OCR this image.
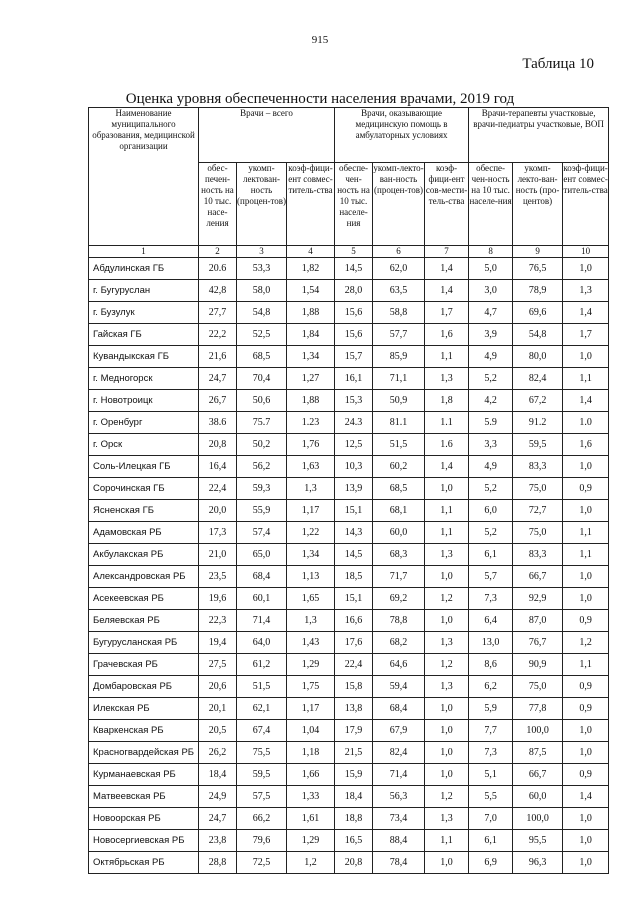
915
Таблица 10
Оценка уровня обеспеченности населения врачами, 2019 год
Наименование муниципального образования, медицинской организации	Врачи – всего			Врачи, оказывающие медицинскую помощь в амбулаторных условиях			Врачи-терапевты участковые, врачи-педиатры участковые, ВОП		
	обес-печен-ность на 10 тыс. насе-ления	укомп-лектован-ность (процен-тов)	коэф-фици-ент совмес-титель-ства	обеспе-чен-ность на 10 тыс. населе-ния	укомп-лекто-ван-ность (процен-тов)	коэф-фици-ент сов-мести-тель-ства	обеспе-чен-ность на 10 тыс. населе-ния	укомп-лекто-ван-ность (про-центов)	коэф-фици-ент совмес-титель-ства
1	2	3	4	5	6	7	8	9	10
Абдулинская ГБ	20.6	53,3	1,82	14,5	62,0	1,4	5,0	76,5	1,0
г. Бугуруслан	42,8	58,0	1,54	28,0	63,5	1,4	3,0	78,9	1,3
г. Бузулук	27,7	54,8	1,88	15,6	58,8	1,7	4,7	69,6	1,4
Гайская ГБ	22,2	52,5	1,84	15,6	57,7	1,6	3,9	54,8	1,7
Кувандыкская ГБ	21,6	68,5	1,34	15,7	85,9	1,1	4,9	80,0	1,0
г. Медногорск	24,7	70,4	1,27	16,1	71,1	1,3	5,2	82,4	1,1
г. Новотроицк	26,7	50,6	1,88	15,3	50,9	1,8	4,2	67,2	1,4
г. Оренбург	38.6	75.7	1.23	24.3	81.1	1.1	5.9	91.2	1.0
г. Орск	20,8	50,2	1,76	12,5	51,5	1.6	3,3	59,5	1,6
Соль-Илецкая ГБ	16,4	56,2	1,63	10,3	60,2	1,4	4,9	83,3	1,0
Сорочинская ГБ	22,4	59,3	1,3	13,9	68,5	1,0	5,2	75,0	0,9
Ясненская ГБ	20,0	55,9	1,17	15,1	68,1	1,1	6,0	72,7	1,0
Адамовская РБ	17,3	57,4	1,22	14,3	60,0	1,1	5,2	75,0	1,1
Акбулакская РБ	21,0	65,0	1,34	14,5	68,3	1,3	6,1	83,3	1,1
Александровская РБ	23,5	68,4	1,13	18,5	71,7	1,0	5,7	66,7	1,0
Асекеевская РБ	19,6	60,1	1,65	15,1	69,2	1,2	7,3	92,9	1,0
Беляевская РБ	22,3	71,4	1,3	16,6	78,8	1,0	6,4	87,0	0,9
Бугурусланская РБ	19,4	64,0	1,43	17,6	68,2	1,3	13,0	76,7	1,2
Грачевская РБ	27,5	61,2	1,29	22,4	64,6	1,2	8,6	90,9	1,1
Домбаровская РБ	20,6	51,5	1,75	15,8	59,4	1,3	6,2	75,0	0,9
Илекская РБ	20,1	62,1	1,17	13,8	68,4	1,0	5,9	77,8	0,9
Кваркенская РБ	20,5	67,4	1,04	17,9	67,9	1,0	7,7	100,0	1,0
Красногвардейская РБ	26,2	75,5	1,18	21,5	82,4	1,0	7,3	87,5	1,0
Курманаевская РБ	18,4	59,5	1,66	15,9	71,4	1,0	5,1	66,7	0,9
Матвеевская РБ	24,9	57,5	1,33	18,4	56,3	1,2	5,5	60,0	1,4
Новоорская РБ	24,7	66,2	1,61	18,8	73,4	1,3	7,0	100,0	1,0
Новосергиевская РБ	23,8	79,6	1,29	16,5	88,4	1,1	6,1	95,5	1,0
Октябрьская РБ	28,8	72,5	1,2	20,8	78,4	1,0	6,9	96,3	1,0
